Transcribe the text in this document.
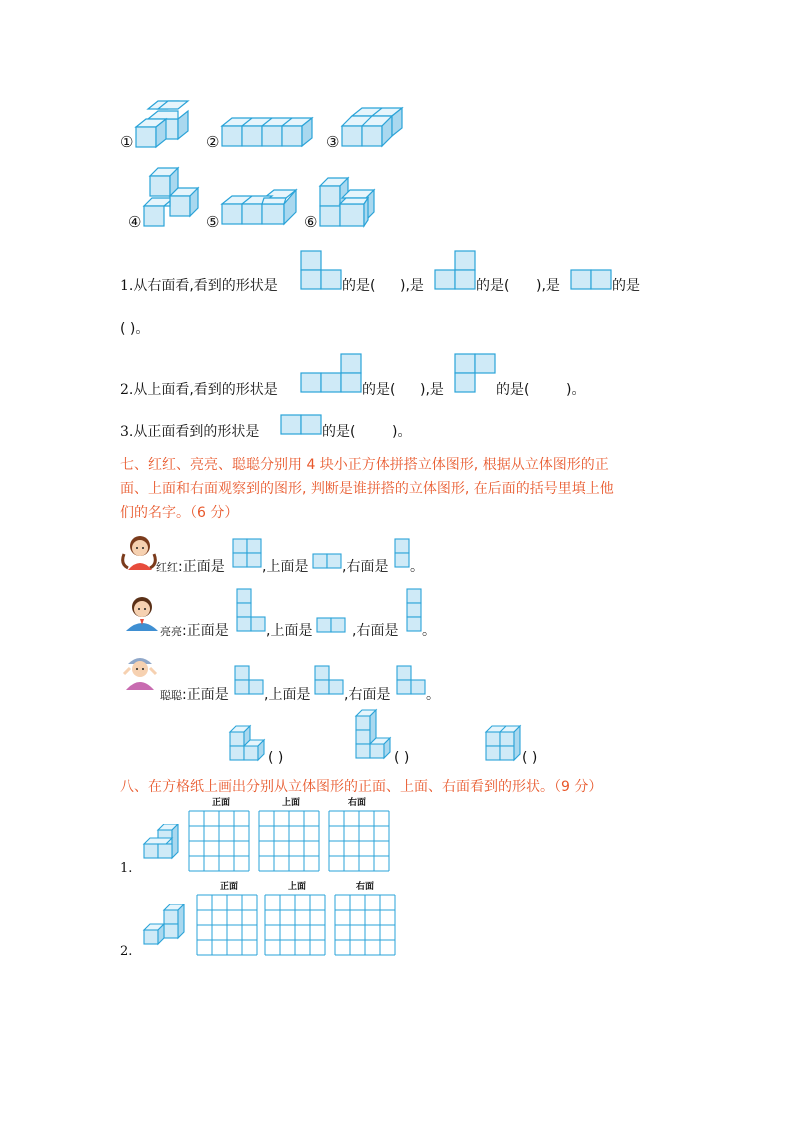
①	②	③
④	⑤	⑥
1.从右面看,看到的形状是	的是( ),是	的是( ),是	的是
( )。
2.从上面看,看到的形状是	的是( ),是	的是(	)。
3.从正面看到的形状是	的是(	)。
七、红红、亮亮、聪聪分别用 4 块小正方体拼搭立体图形, 根据从立体图形的正
面、上面和右面观察到的图形, 判断是谁拼搭的立体图形, 在后面的括号里填上他
们的名字。（6 分）
红红:正面是	,上面是 ,右面是 。
亮亮:正面是	,上面是	,右面是 。
聪聪:正面是	,上面是 ,右面是	。
( )	( )	( )
八、在方格纸上画出分别从立体图形的正面、上面、右面看到的形状。（9 分）
1.
正面	上面	右面
2.
正面	上面	右面
